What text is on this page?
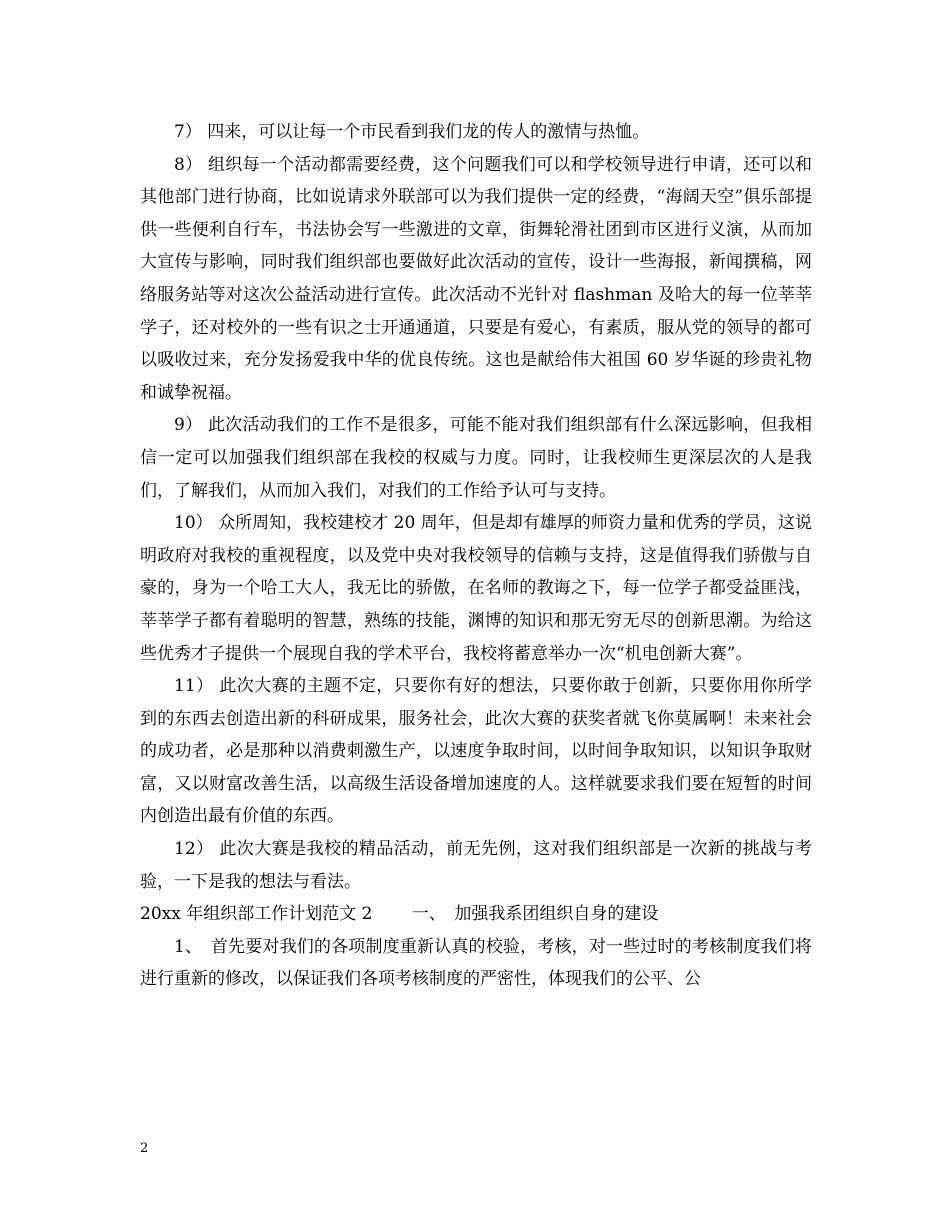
7） 四来，可以让每一个市民看到我们龙的传人的激情与热恤。

8） 组织每一个活动都需要经费，这个问题我们可以和学校领导进行申请，还可以和其他部门进行协商，比如说请求外联部可以为我们提供一定的经费，“海阔天空”俱乐部提供一些便利自行车，书法协会写一些激进的文章，街舞轮滑社团到市区进行义演，从而加大宣传与影响，同时我们组织部也要做好此次活动的宣传，设计一些海报，新闻撰稿，网络服务站等对这次公益活动进行宣传。此次活动不光针对 flashman 及哈大的每一位莘莘学子，还对校外的一些有识之士开通通道，只要是有爱心，有素质，服从党的领导的都可以吸收过来，充分发扬爱我中华的优良传统。这也是献给伟大祖国 60 岁华诞的珍贵礼物和诚挚祝福。

9） 此次活动我们的工作不是很多，可能不能对我们组织部有什么深远影响，但我相信一定可以加强我们组织部在我校的权威与力度。同时，让我校师生更深层次的人是我们，了解我们，从而加入我们，对我们的工作给予认可与支持。

10） 众所周知，我校建校才 20 周年，但是却有雄厚的师资力量和优秀的学员，这说明政府对我校的重视程度，以及党中央对我校领导的信赖与支持，这是值得我们骄傲与自豪的，身为一个哈工大人，我无比的骄傲，在名师的教诲之下，每一位学子都受益匪浅，莘莘学子都有着聪明的智慧，熟练的技能，渊博的知识和那无穷无尽的创新思潮。为给这些优秀才子提供一个展现自我的学术平台，我校将蓄意举办一次“机电创新大赛”。

11） 此次大赛的主题不定，只要你有好的想法，只要你敢于创新，只要你用你所学到的东西去创造出新的科研成果，服务社会，此次大赛的获奖者就飞你莫属啊！未来社会的成功者，必是那种以消费刺激生产，以速度争取时间，以时间争取知识，以知识争取财富，又以财富改善生活，以高级生活设备增加速度的人。这样就要求我们要在短暂的时间内创造出最有价值的东西。

12） 此次大赛是我校的精品活动，前无先例，这对我们组织部是一次新的挑战与考验，一下是我的想法与看法。

20xx 年组织部工作计划范文 2　　 一、　加强我系团组织自身的建设

1、　首先要对我们的各项制度重新认真的校验，考核，对一些过时的考核制度我们将进行重新的修改，以保证我们各项考核制度的严密性，体现我们的公平、公

2
